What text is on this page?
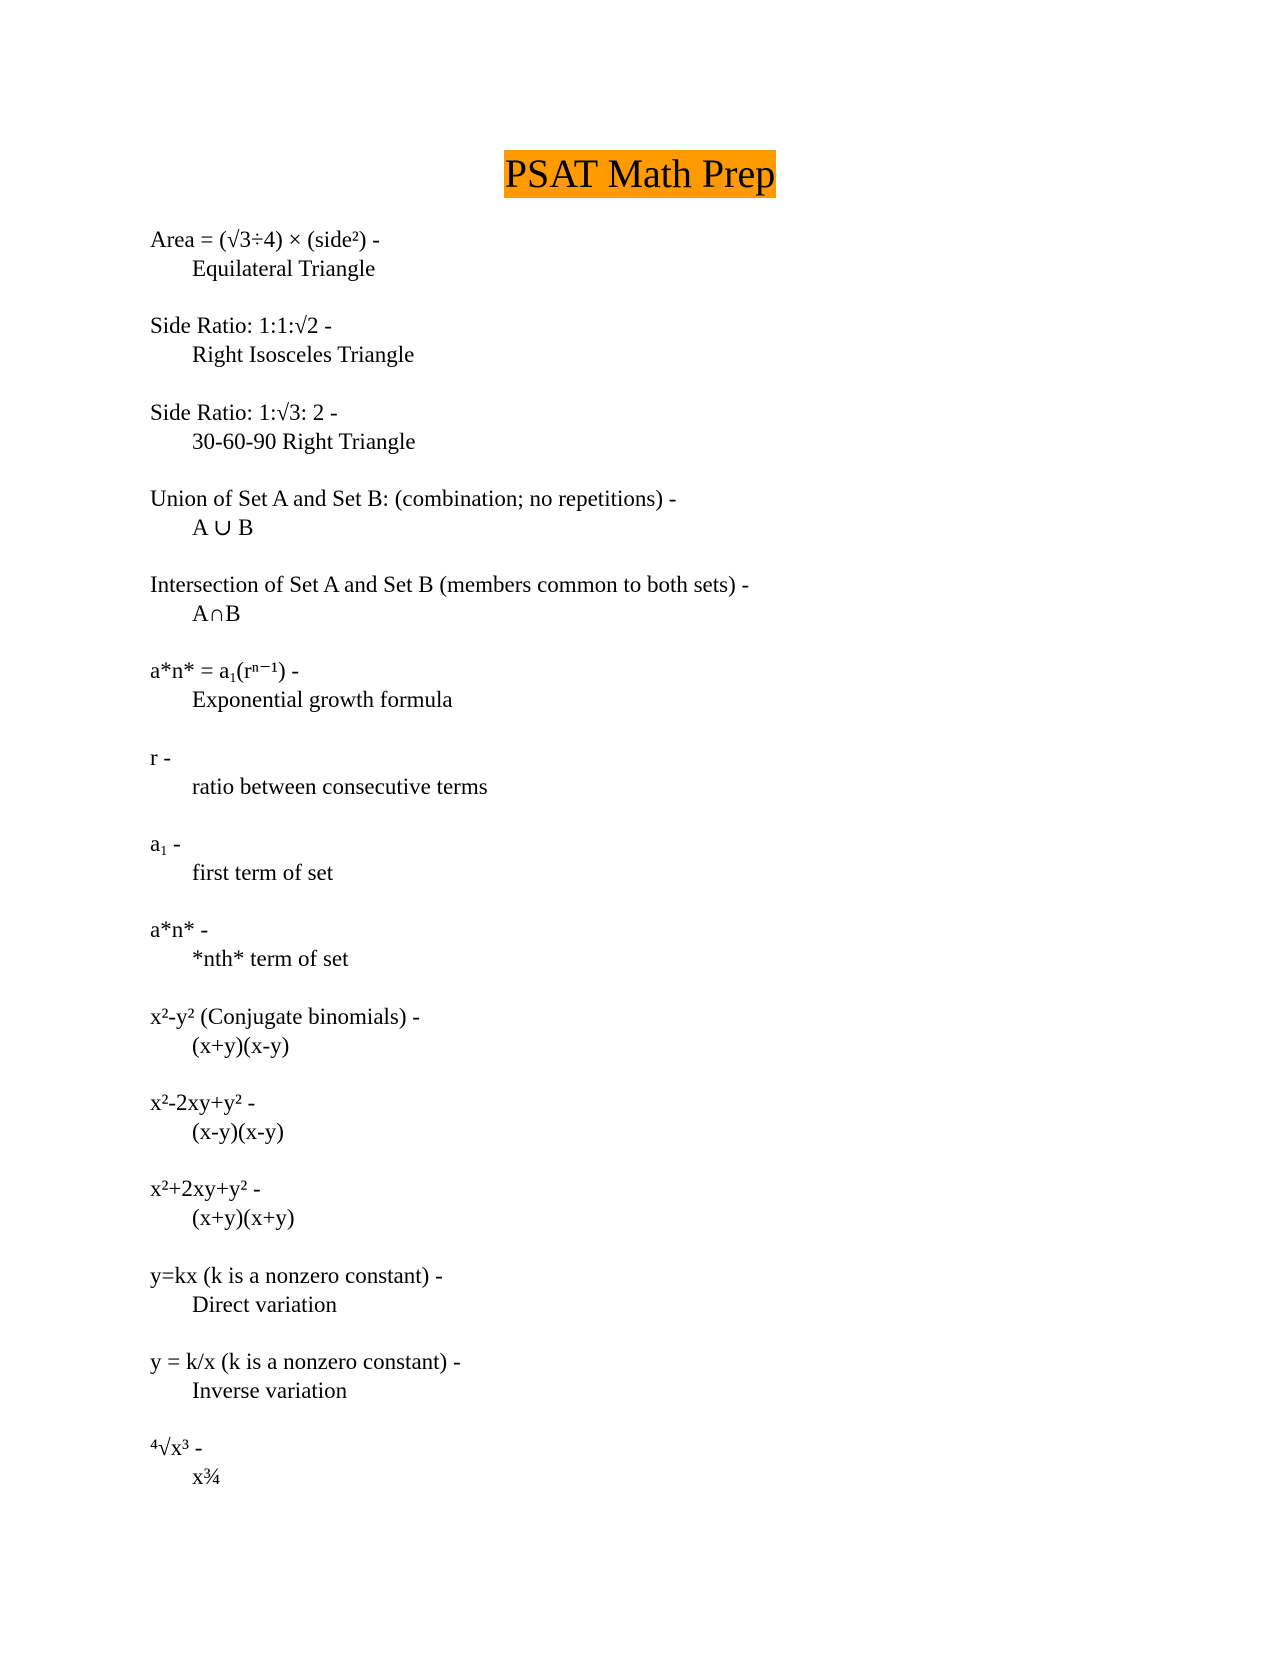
PSAT Math Prep
Area = (√3÷4) × (side²) -
Equilateral Triangle
Side Ratio: 1:1:√2 -
Right Isosceles Triangle
Side Ratio: 1:√3: 2 -
30-60-90 Right Triangle
Union of Set A and Set B: (combination; no repetitions) -
A ∪ B
Intersection of Set A and Set B (members common to both sets) -
A∩B
$a*n* = a_1(r^{n-1})$ -
Exponential growth formula
r -
ratio between consecutive terms
$a_1$ -
first term of set
a*n* -
*nth* term of set
x²-y² (Conjugate binomials) -
(x+y)(x-y)
x²-2xy+y² -
(x-y)(x-y)
x²+2xy+y² -
(x+y)(x+y)
y=kx (k is a nonzero constant) -
Direct variation
y = k/x (k is a nonzero constant) -
Inverse variation
⁴√x³ -
x¾
